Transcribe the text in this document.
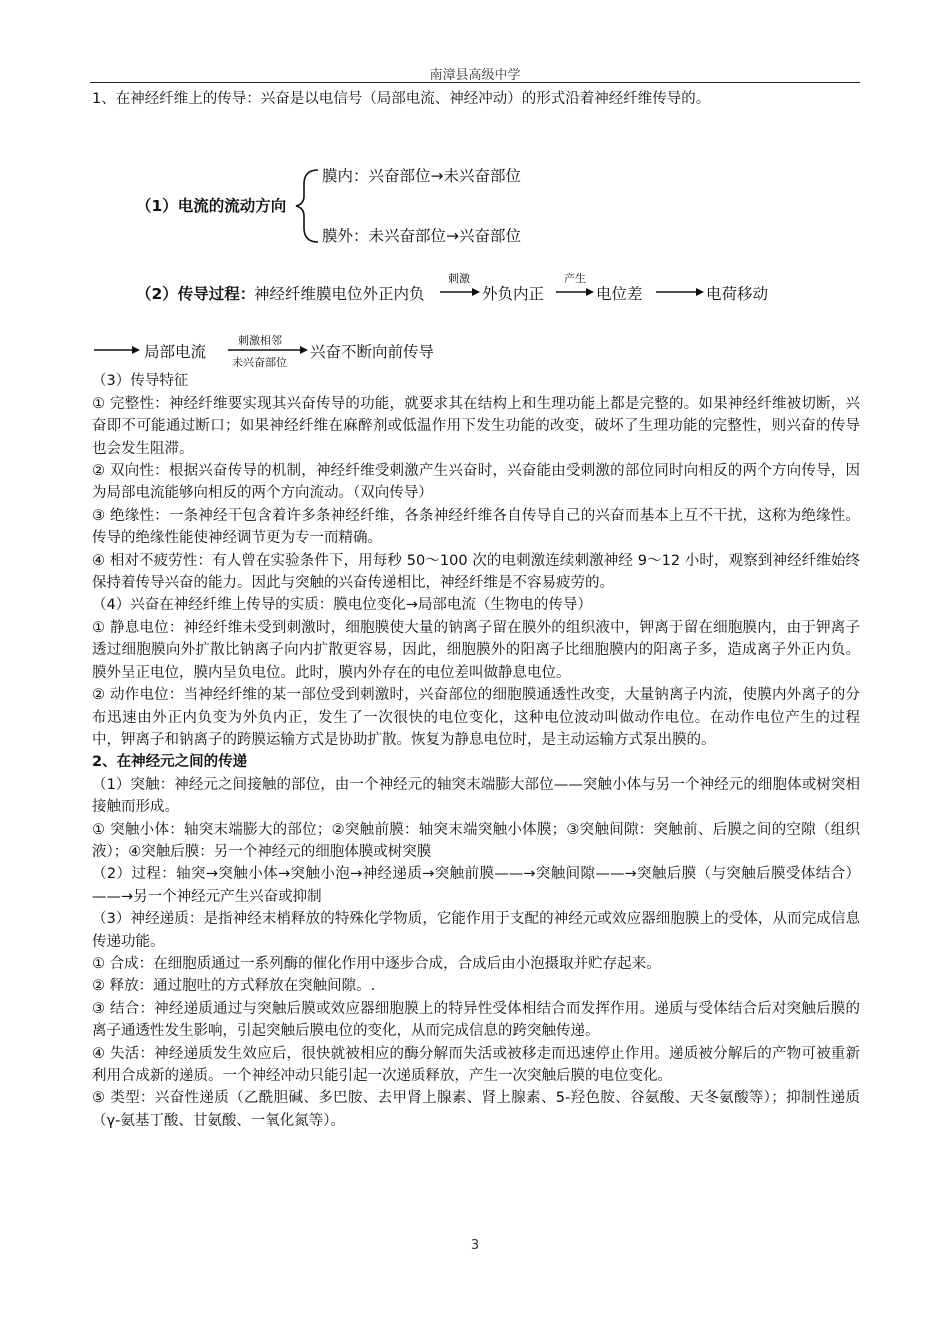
南漳县高级中学

1、在神经纤维上的传导：兴奋是以电信号（局部电流、神经冲动）的形式沿着神经纤维传导的。

膜内：兴奋部位→未兴奋部位
（1）电流的流动方向
膜外：未兴奋部位→兴奋部位
（2）传导过程：
神经纤维膜电位外正内负
刺激
外负内正
产生
电位差	电荷移动
局部电流
刺激相邻
未兴奋部位
兴奋不断向前传导

（3）传导特征

① 完整性：神经纤维要实现其兴奋传导的功能，就要求其在结构上和生理功能上都是完整的。如果神经纤维被切断，兴奋即不可能通过断口；如果神经纤维在麻醉剂或低温作用下发生功能的改变，破坏了生理功能的完整性，则兴奋的传导也会发生阻滞。

② 双向性：根据兴奋传导的机制，神经纤维受刺激产生兴奋时，兴奋能由受刺激的部位同时向相反的两个方向传导，因为局部电流能够向相反的两个方向流动。（双向传导）

③ 绝缘性：一条神经干包含着许多条神经纤维，各条神经纤维各自传导自己的兴奋而基本上互不干扰，这称为绝缘性。传导的绝缘性能使神经调节更为专一而精确。

④ 相对不疲劳性：有人曾在实验条件下，用每秒 50～100 次的电刺激连续刺激神经 9～12 小时，观察到神经纤维始终保持着传导兴奋的能力。因此与突触的兴奋传递相比，神经纤维是不容易疲劳的。

（4）兴奋在神经纤维上传导的实质：膜电位变化→局部电流（生物电的传导）

① 静息电位：神经纤维未受到刺激时，细胞膜使大量的钠离子留在膜外的组织液中，钾离于留在细胞膜内，由于钾离子透过细胞膜向外扩散比钠离子向内扩散更容易，因此，细胞膜外的阳离子比细胞膜内的阳离子多，造成离子外正内负。膜外呈正电位，膜内呈负电位。此时，膜内外存在的电位差叫做静息电位。

② 动作电位：当神经纤维的某一部位受到刺激时，兴奋部位的细胞膜通透性改变，大量钠离子内流，使膜内外离子的分布迅速由外正内负变为外负内正，发生了一次很快的电位变化，这种电位波动叫做动作电位。在动作电位产生的过程中，钾离子和钠离子的跨膜运输方式是协助扩散。恢复为静息电位时，是主动运输方式泵出膜的。

2、在神经元之间的传递

（1）突触：神经元之间接触的部位，由一个神经元的轴突末端膨大部位——突触小体与另一个神经元的细胞体或树突相接触而形成。

① 突触小体：轴突末端膨大的部位；②突触前膜：轴突末端突触小体膜；③突触间隙：突触前、后膜之间的空隙（组织液）；④突触后膜：另一个神经元的细胞体膜或树突膜

（2）过程：轴突→突触小体→突触小泡→神经递质→突触前膜——→突触间隙——→突触后膜（与突触后膜受体结合）——→另一个神经元产生兴奋或抑制

（3）神经递质：是指神经末梢释放的特殊化学物质，它能作用于支配的神经元或效应器细胞膜上的受体，从而完成信息传递功能。

① 合成：在细胞质通过一系列酶的催化作用中逐步合成，合成后由小泡摄取并贮存起来。

② 释放：通过胞吐的方式释放在突触间隙。.

③ 结合：神经递质通过与突触后膜或效应器细胞膜上的特异性受体相结合而发挥作用。递质与受体结合后对突触后膜的离子通透性发生影响，引起突触后膜电位的变化，从而完成信息的跨突触传递。

④ 失活：神经递质发生效应后，很快就被相应的酶分解而失活或被移走而迅速停止作用。递质被分解后的产物可被重新利用合成新的递质。一个神经冲动只能引起一次递质释放，产生一次突触后膜的电位变化。

⑤ 类型：兴奋性递质（乙酰胆碱、多巴胺、去甲肾上腺素、肾上腺素、5-羟色胺、谷氨酸、天冬氨酸等）；抑制性递质（γ-氨基丁酸、甘氨酸、一氧化氮等）。

3
